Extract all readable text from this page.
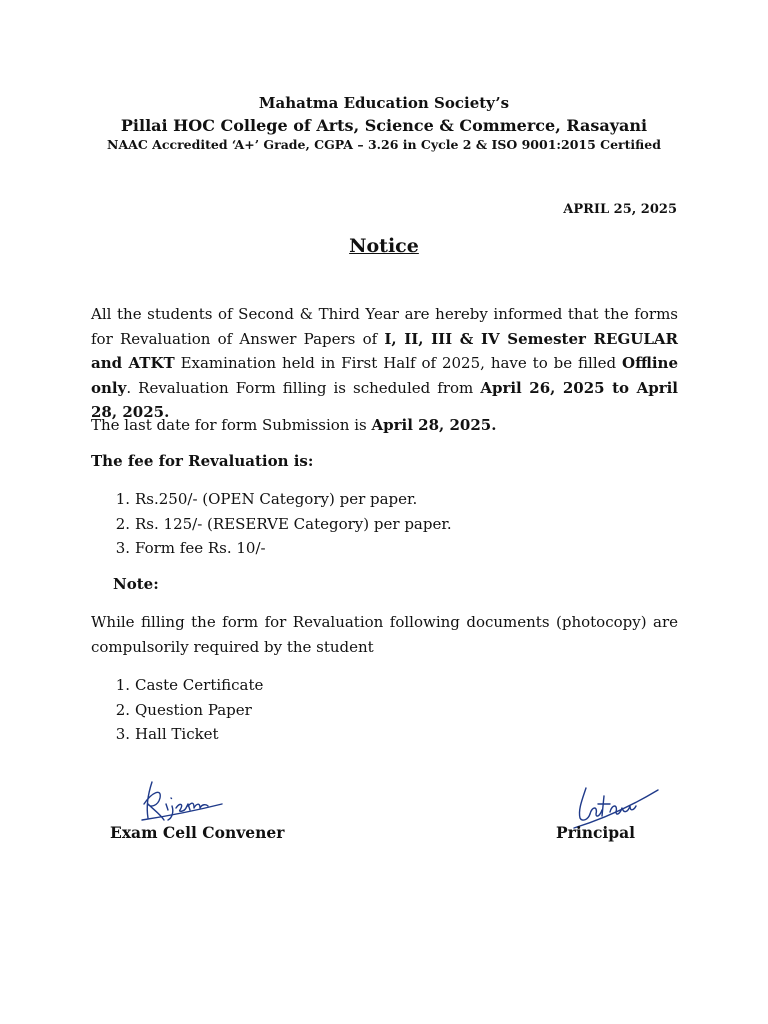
Mahatma Education Society’s
Pillai HOC College of Arts, Science & Commerce, Rasayani
NAAC Accredited ‘A+’ Grade, CGPA – 3.26 in Cycle 2 & ISO 9001:2015 Certified
APRIL 25, 2025
Notice
All the students of Second & Third Year are hereby informed that the forms for Revaluation of Answer Papers of I, II, III & IV Semester REGULAR and ATKT Examination held in First Half of 2025, have to be filled Offline only. Revaluation Form filling is scheduled from April 26, 2025 to April 28, 2025.
The last date for form Submission is April 28, 2025.
The fee for Revaluation is:
1. Rs.250/- (OPEN Category) per paper.
2. Rs. 125/- (RESERVE Category) per paper.
3. Form fee Rs. 10/-
Note:
While filling the form for Revaluation following documents (photocopy) are compulsorily required by the student
1. Caste Certificate
2. Question Paper
3. Hall Ticket
Exam Cell Convener	Principal
